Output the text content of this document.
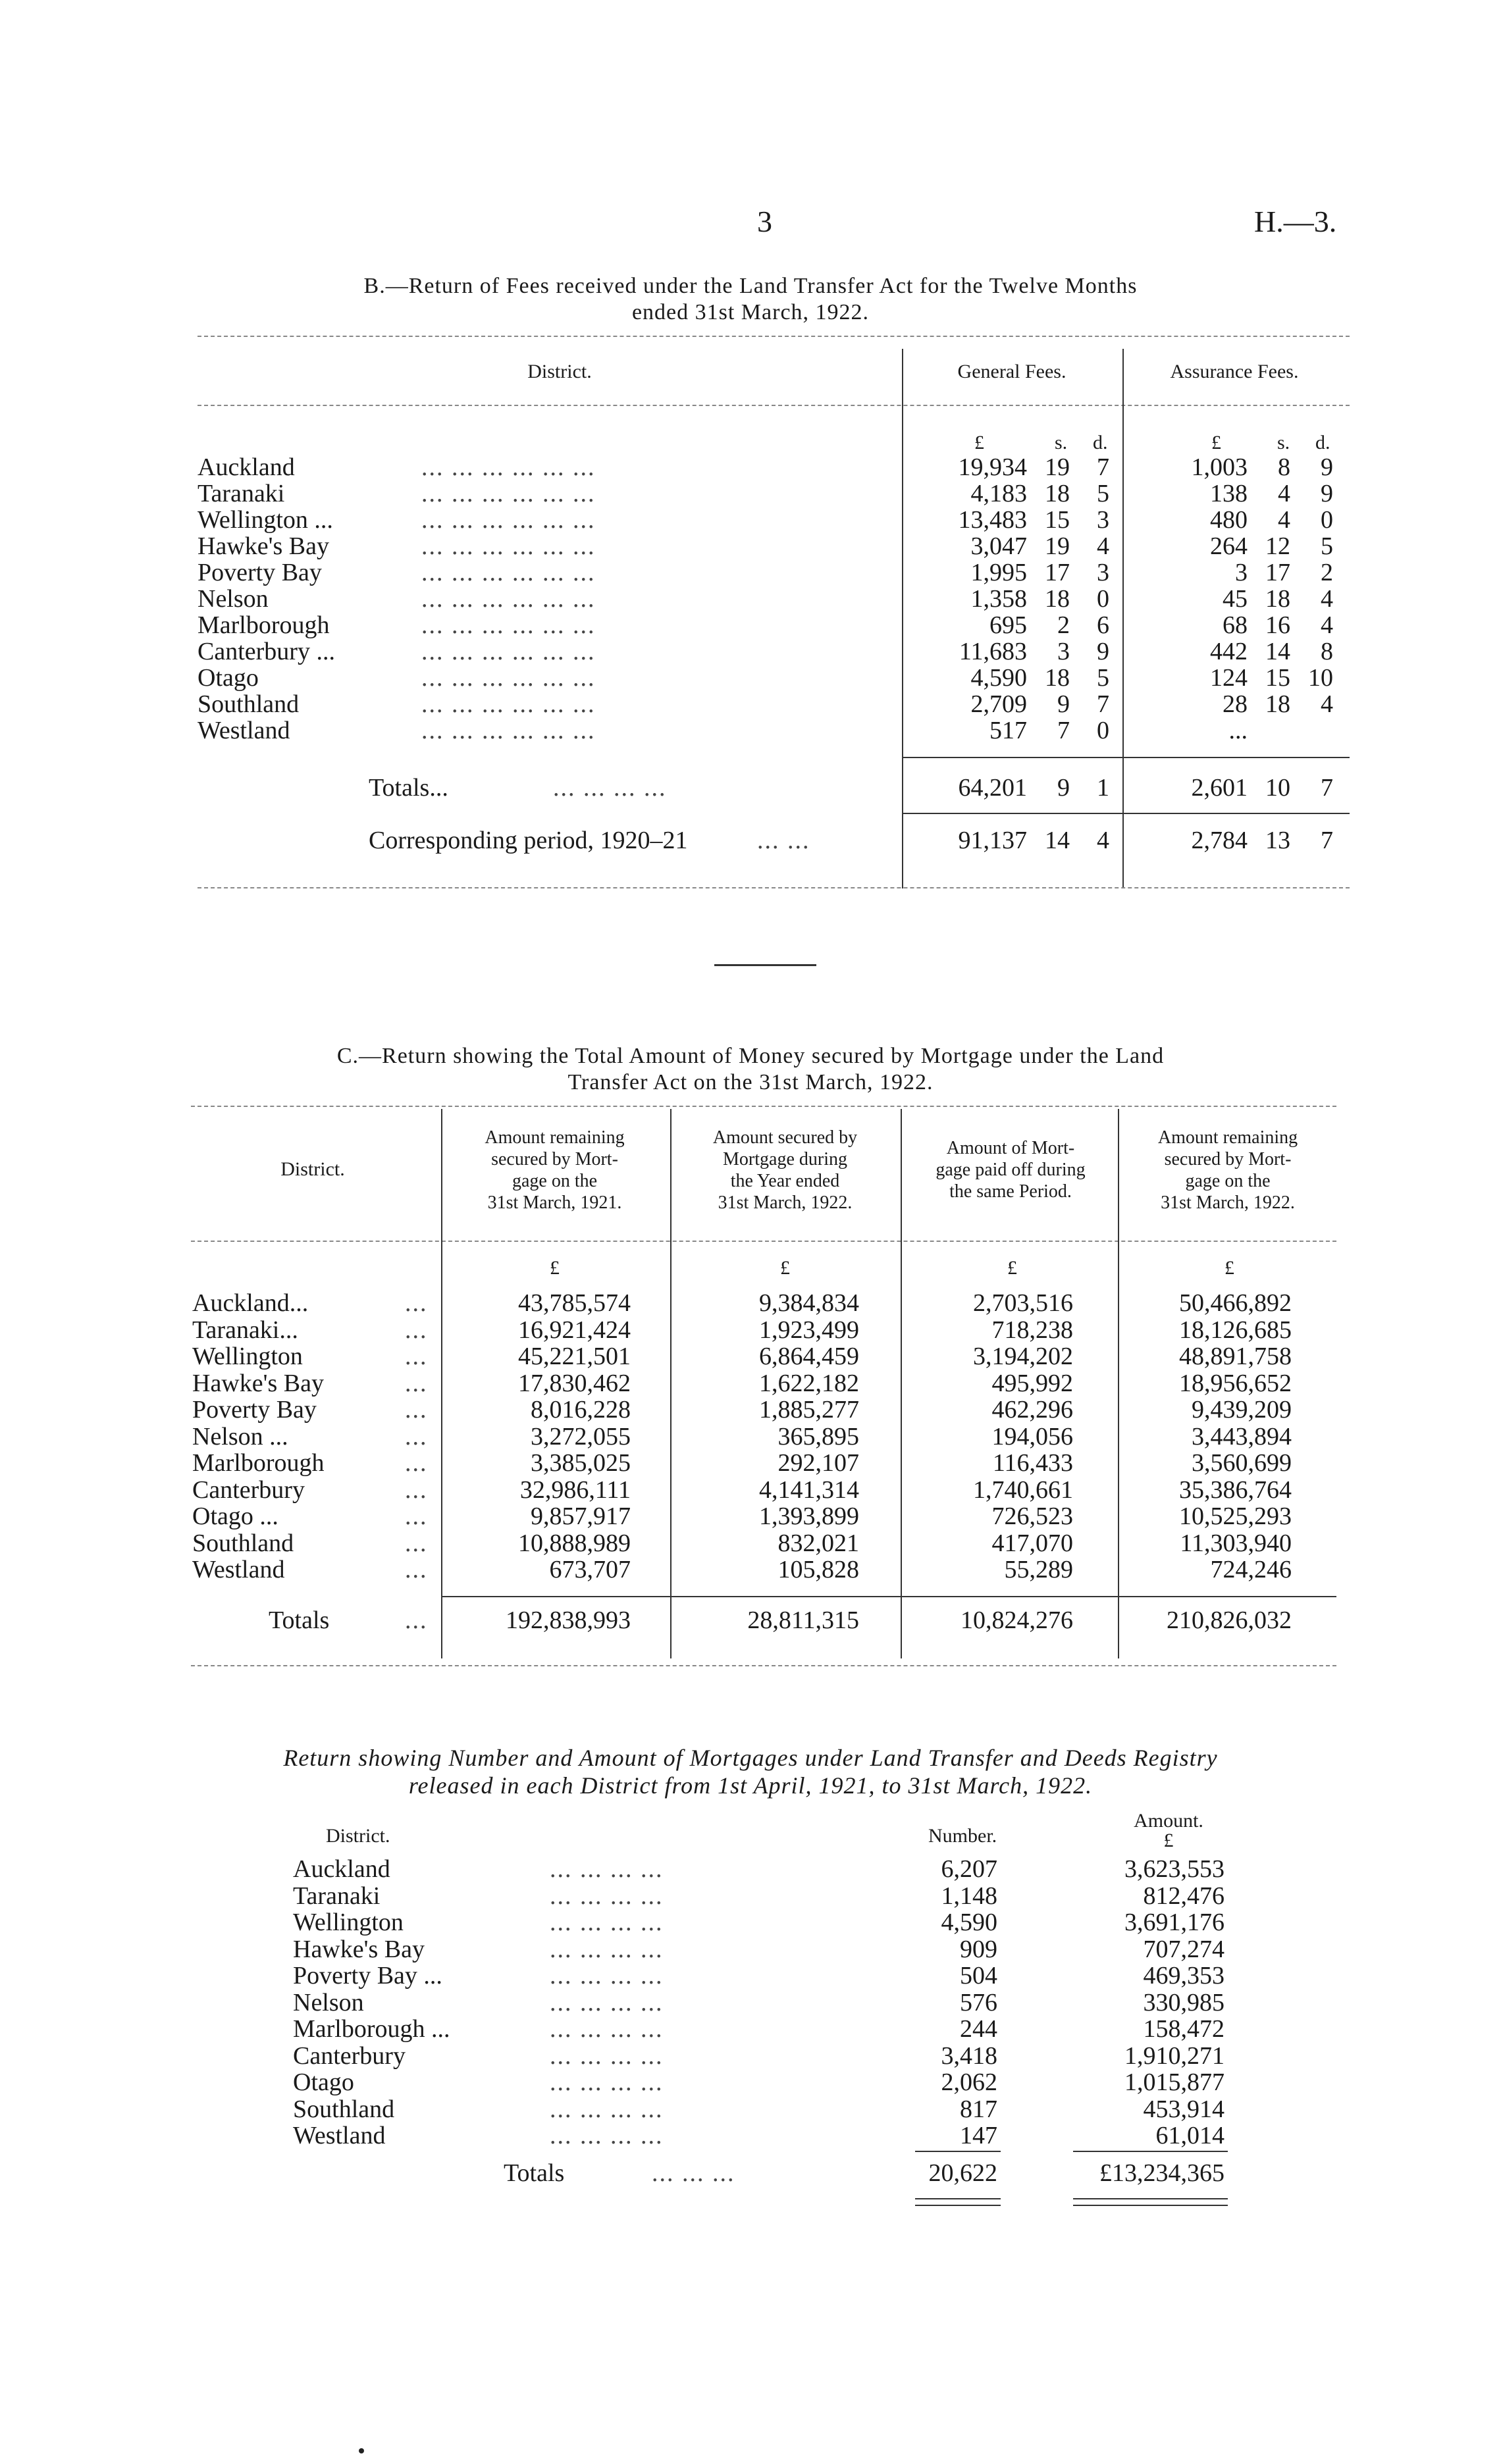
3	H.—3.
B.—Return of Fees received under the Land Transfer Act for the Twelve Months
ended 31st March, 1922.
District.	General Fees.	Assurance Fees.
£	s. d.	£	s. d.
Auckland	... ... ... ... ... ...	19,934 19 7	1,003 8 9
Taranaki	... ... ... ... ... ...	4,183 18 5	138 4 9
Wellington ...	... ... ... ... ... ...	13,483 15 3	480 4 0
Hawke's Bay	... ... ... ... ... ...	3,047 19 4	264 12 5
Poverty Bay	... ... ... ... ... ...	1,995 17 3	3 17 2
Nelson	... ... ... ... ... ...	1,358 18 0	45 18 4
Marlborough	... ... ... ... ... ...	695 2 6	68 16 4
Canterbury ...	... ... ... ... ... ...	11,683 3 9	442 14 8
Otago	... ... ... ... ... ...	4,590 18 5	124 15 10
Southland	... ... ... ... ... ...	2,709 9 7	28 18 4
Westland	... ... ... ... ... ...	517 7 0	...
Totals...	... ... ... ...	64,201 9 1	2,601 10 7
Corresponding period, 1920–21	... ...	91,137 14 4	2,784 13 7
C.—Return showing the Total Amount of Money secured by Mortgage under the Land
Transfer Act on the 31st March, 1922.
District.
Amount remaining
secured by Mort-
gage on the
31st March, 1921.
Amount secured by
Mortgage during
the Year ended
31st March, 1922.
Amount of Mort-
gage paid off during
the same Period.
Amount remaining
secured by Mort-
gage on the
31st March, 1922.
£	£	£	£
Auckland...	...	43,785,574	9,384,834	2,703,516	50,466,892
Taranaki...	...	16,921,424	1,923,499	718,238	18,126,685
Wellington	...	45,221,501	6,864,459	3,194,202	48,891,758
Hawke's Bay	...	17,830,462	1,622,182	495,992	18,956,652
Poverty Bay	...	8,016,228	1,885,277	462,296	9,439,209
Nelson ...	...	3,272,055	365,895	194,056	3,443,894
Marlborough	...	3,385,025	292,107	116,433	3,560,699
Canterbury	...	32,986,111	4,141,314	1,740,661	35,386,764
Otago ...	...	9,857,917	1,393,899	726,523	10,525,293
Southland	...	10,888,989	832,021	417,070	11,303,940
Westland	...	673,707	105,828	55,289	724,246
Totals	...	192,838,993	28,811,315	10,824,276	210,826,032
Return showing Number and Amount of Mortgages under Land Transfer and Deeds Registry
released in each District from 1st April, 1921, to 31st March, 1922.
District.	Number.
Amount.
£
Auckland	... ... ... ...	6,207	3,623,553
Taranaki	... ... ... ...	1,148	812,476
Wellington	... ... ... ...	4,590	3,691,176
Hawke's Bay	... ... ... ...	909	707,274
Poverty Bay ...	... ... ... ...	504	469,353
Nelson	... ... ... ...	576	330,985
Marlborough ...	... ... ... ...	244	158,472
Canterbury	... ... ... ...	3,418	1,910,271
Otago	... ... ... ...	2,062	1,015,877
Southland	... ... ... ...	817	453,914
Westland	... ... ... ...	147	61,014
Totals	... ... ...	20,622	£13,234,365
